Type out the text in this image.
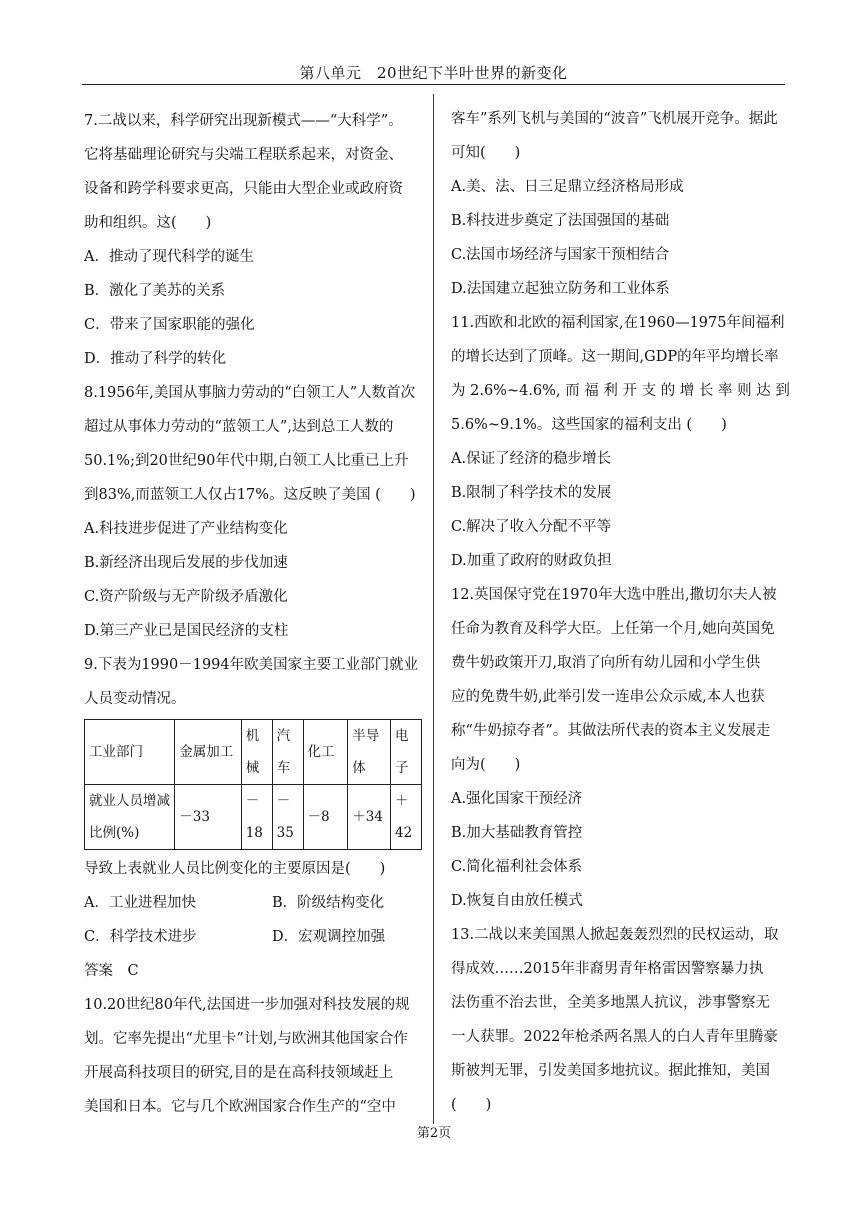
第八单元　20世纪下半叶世界的新变化

7.二战以来，科学研究出现新模式——“大科学”。

它将基础理论研究与尖端工程联系起来，对资金、

设备和跨学科要求更高，只能由大型企业或政府资

助和组织。这(　　)

A．推动了现代科学的诞生

B．激化了美苏的关系

C．带来了国家职能的强化

D．推动了科学的转化

8.1956年,美国从事脑力劳动的“白领工人”人数首次

超过从事体力劳动的“蓝领工人”,达到总工人数的

50.1%;到20世纪90年代中期,白领工人比重已上升

到83%,而蓝领工人仅占17%。这反映了美国 (　　)

A.科技进步促进了产业结构变化

B.新经济出现后发展的步伐加速

C.资产阶级与无产阶级矛盾激化

D.第三产业已是国民经济的支柱

9.下表为1990－1994年欧美国家主要工业部门就业

人员变动情况。

工业部门	金属加工	机械	汽车	化工	半导体	电子
就业人员增减比例(%)	－33	－18	－35	－8	＋34	＋42

导致上表就业人员比例变化的主要原因是(　　)

A．工业进程加快	B．阶级结构变化
C．科学技术进步	D．宏观调控加强

答案　C

10.20世纪80年代,法国进一步加强对科技发展的规

划。它率先提出“尤里卡”计划,与欧洲其他国家合作

开展高科技项目的研究,目的是在高科技领域赶上

美国和日本。它与几个欧洲国家合作生产的“空中

客车”系列飞机与美国的“波音”飞机展开竞争。据此

可知(　　)

A.美、法、日三足鼎立经济格局形成

B.科技进步奠定了法国强国的基础

C.法国市场经济与国家干预相结合

D.法国建立起独立防务和工业体系

11.西欧和北欧的福利国家,在1960—1975年间福利

的增长达到了顶峰。这一期间,GDP的年平均增长率

为 2.6%~4.6%, 而 福 利 开 支 的 增 长 率 则 达 到

5.6%~9.1%。这些国家的福利支出 (　　)

A.保证了经济的稳步增长

B.限制了科学技术的发展

C.解决了收入分配不平等

D.加重了政府的财政负担

12.英国保守党在1970年大选中胜出,撒切尔夫人被

任命为教育及科学大臣。上任第一个月,她向英国免

费牛奶政策开刀,取消了向所有幼儿园和小学生供

应的免费牛奶,此举引发一连串公众示威,本人也获

称“牛奶掠夺者”。其做法所代表的资本主义发展走

向为(　　)

A.强化国家干预经济

B.加大基础教育管控

C.简化福利社会体系

D.恢复自由放任模式

13.二战以来美国黑人掀起轰轰烈烈的民权运动，取

得成效……2015年非裔男青年格雷因警察暴力执

法伤重不治去世，全美多地黑人抗议，涉事警察无

一人获罪。2022年枪杀两名黑人的白人青年里腾豪

斯被判无罪，引发美国多地抗议。据此推知，美国

(　　)

第2页
